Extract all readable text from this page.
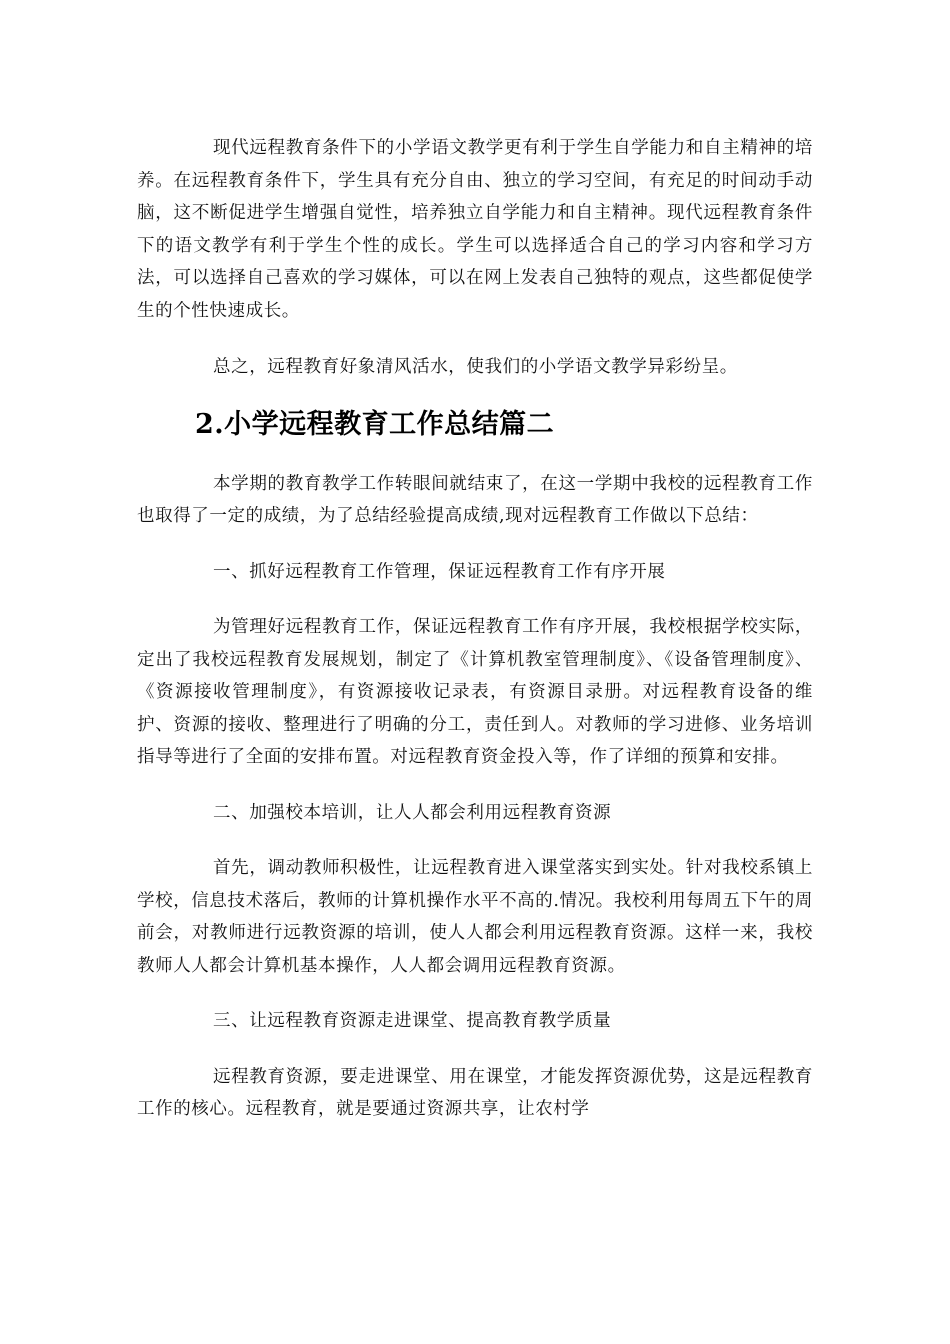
现代远程教育条件下的小学语文教学更有利于学生自学能力和自主精神的培养。在远程教育条件下，学生具有充分自由、独立的学习空间，有充足的时间动手动脑，这不断促进学生增强自觉性，培养独立自学能力和自主精神。现代远程教育条件下的语文教学有利于学生个性的成长。学生可以选择适合自己的学习内容和学习方法，可以选择自己喜欢的学习媒体，可以在网上发表自己独特的观点，这些都促使学生的个性快速成长。

总之，远程教育好象清风活水，使我们的小学语文教学异彩纷呈。

2.小学远程教育工作总结篇二

本学期的教育教学工作转眼间就结束了，在这一学期中我校的远程教育工作也取得了一定的成绩，为了总结经验提高成绩,现对远程教育工作做以下总结：

一、抓好远程教育工作管理，保证远程教育工作有序开展

为管理好远程教育工作，保证远程教育工作有序开展，我校根据学校实际，定出了我校远程教育发展规划，制定了《计算机教室管理制度》、《设备管理制度》、《资源接收管理制度》，有资源接收记录表，有资源目录册。对远程教育设备的维护、资源的接收、整理进行了明确的分工，责任到人。对教师的学习进修、业务培训指导等进行了全面的安排布置。对远程教育资金投入等，作了详细的预算和安排。

二、加强校本培训，让人人都会利用远程教育资源

首先，调动教师积极性，让远程教育进入课堂落实到实处。针对我校系镇上学校，信息技术落后，教师的计算机操作水平不高的.情况。我校利用每周五下午的周前会，对教师进行远教资源的培训，使人人都会利用远程教育资源。这样一来，我校教师人人都会计算机基本操作，人人都会调用远程教育资源。

三、让远程教育资源走进课堂、提高教育教学质量

远程教育资源，要走进课堂、用在课堂，才能发挥资源优势，这是远程教育工作的核心。远程教育，就是要通过资源共享，让农村学
